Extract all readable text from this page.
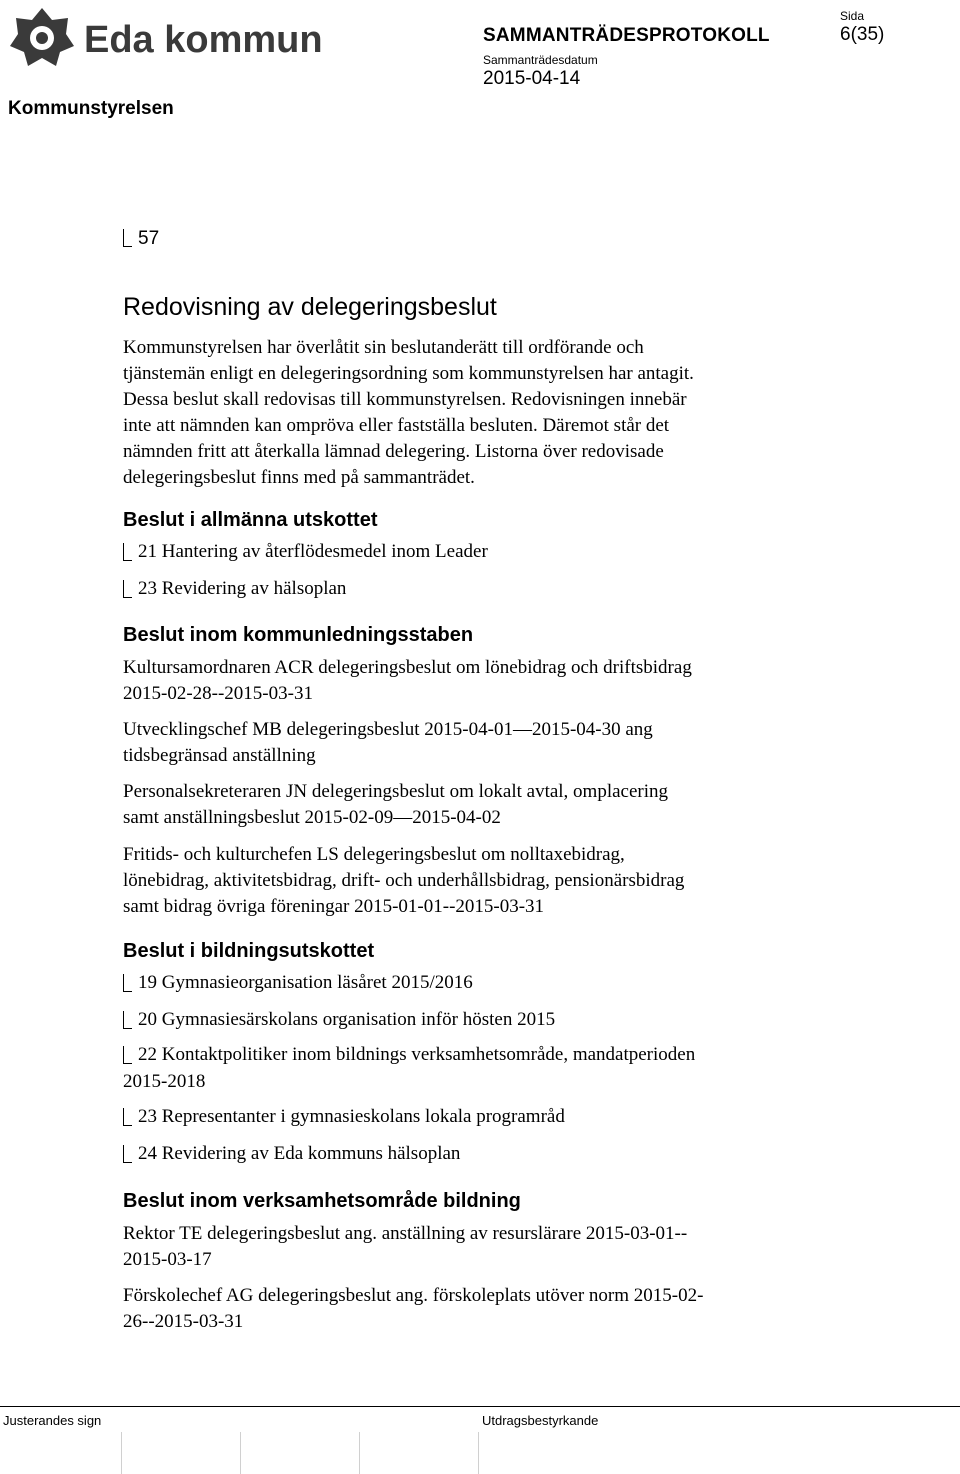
Eda kommun
Kommunstyrelsen
SAMMANTRÄDESPROTOKOLL
Sammanträdesdatum
2015-04-14
Sida
6(35)
57
Redovisning av delegeringsbeslut
Kommunstyrelsen har överlåtit sin beslutanderätt till ordförande och
tjänstemän enligt en delegeringsordning som kommunstyrelsen har antagit.
Dessa beslut skall redovisas till kommunstyrelsen. Redovisningen innebär
inte att nämnden kan ompröva eller fastställa besluten. Däremot står det
nämnden fritt att återkalla lämnad delegering. Listorna över redovisade
delegeringsbeslut finns med på sammanträdet.
Beslut i allmänna utskottet
21 Hantering av återflödesmedel inom Leader
23 Revidering av hälsoplan
Beslut inom kommunledningsstaben
Kultursamordnaren ACR delegeringsbeslut om lönebidrag och driftsbidrag
2015-02-28--2015-03-31
Utvecklingschef MB delegeringsbeslut 2015-04-01—2015-04-30 ang
tidsbegränsad anställning
Personalsekreteraren JN delegeringsbeslut om lokalt avtal, omplacering
samt anställningsbeslut 2015-02-09—2015-04-02
Fritids- och kulturchefen LS delegeringsbeslut om nolltaxebidrag,
lönebidrag, aktivitetsbidrag, drift- och underhållsbidrag, pensionärsbidrag
samt bidrag övriga föreningar 2015-01-01--2015-03-31
Beslut i bildningsutskottet
19 Gymnasieorganisation läsåret 2015/2016
20 Gymnasiesärskolans organisation inför hösten 2015
22 Kontaktpolitiker inom bildnings verksamhetsområde, mandatperioden
2015-2018
23 Representanter i gymnasieskolans lokala programråd
24 Revidering av Eda kommuns hälsoplan
Beslut inom verksamhetsområde bildning
Rektor TE delegeringsbeslut ang. anställning av resurslärare 2015-03-01--
2015-03-17
Förskolechef AG delegeringsbeslut ang. förskoleplats utöver norm 2015-02-
26--2015-03-31
Justerandes sign	Utdragsbestyrkande
